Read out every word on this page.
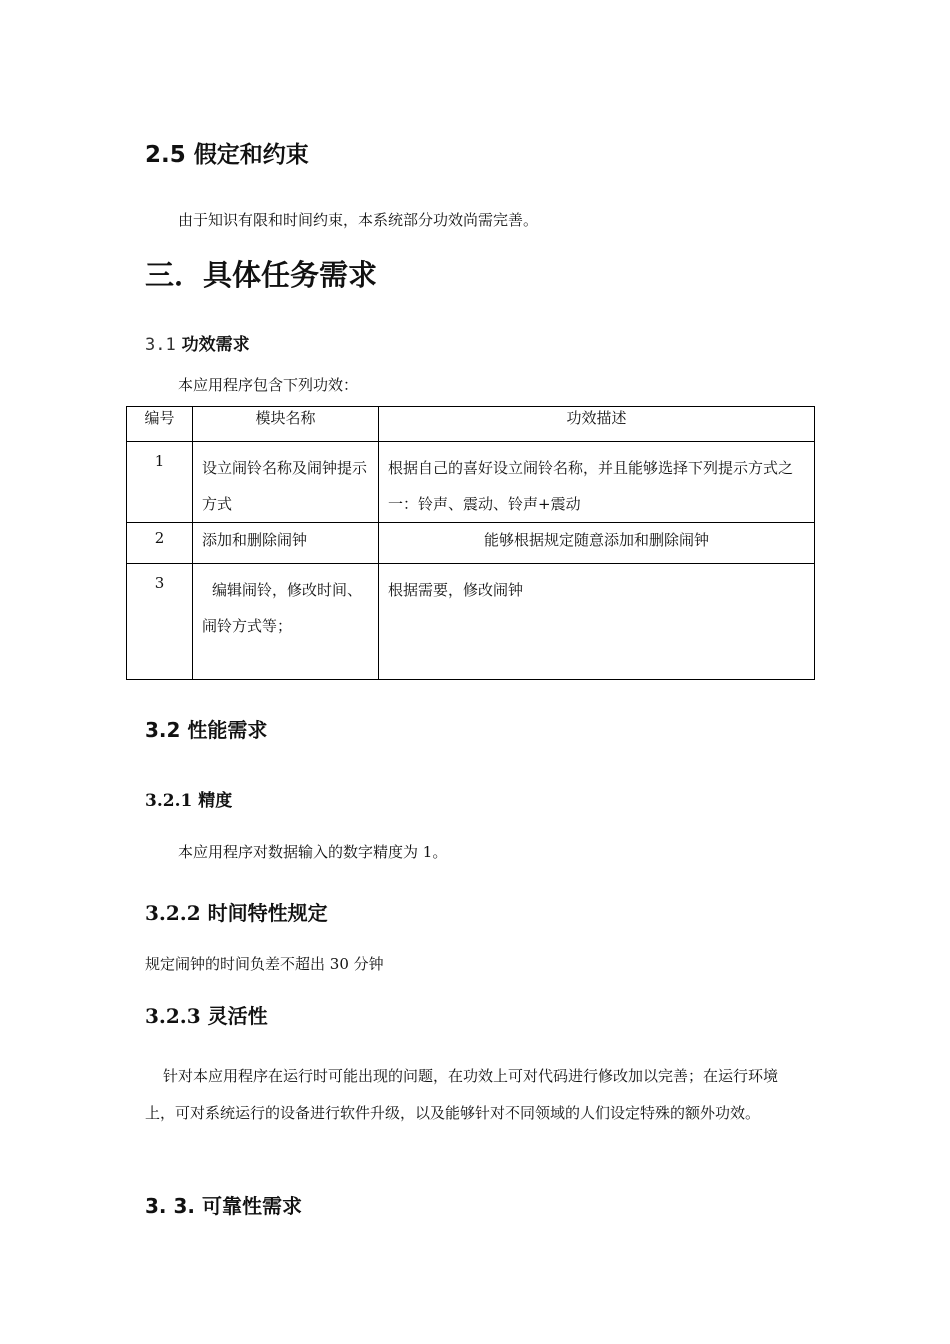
2.5 假定和约束
由于知识有限和时间约束，本系统部分功效尚需完善。
三．具体任务需求
3.1 功效需求
本应用程序包含下列功效：
编号	模块名称	功效描述
1	设立闹铃名称及闹钟提示方式	根据自己的喜好设立闹铃名称，并且能够选择下列提示方式之一：铃声、震动、铃声+震动
2	添加和删除闹钟	能够根据规定随意添加和删除闹钟
3	编辑闹铃，修改时间、闹铃方式等；	根据需要，修改闹钟
3.2 性能需求
3.2.1 精度
本应用程序对数据输入的数字精度为 1。
3.2.2 时间特性规定
规定闹钟的时间负差不超出 30 分钟
3.2.3 灵活性
针对本应用程序在运行时可能出现的问题，在功效上可对代码进行修改加以完善；在运行环境上，可对系统运行的设备进行软件升级，以及能够针对不同领域的人们设定特殊的额外功效。
3. 3. 可靠性需求
